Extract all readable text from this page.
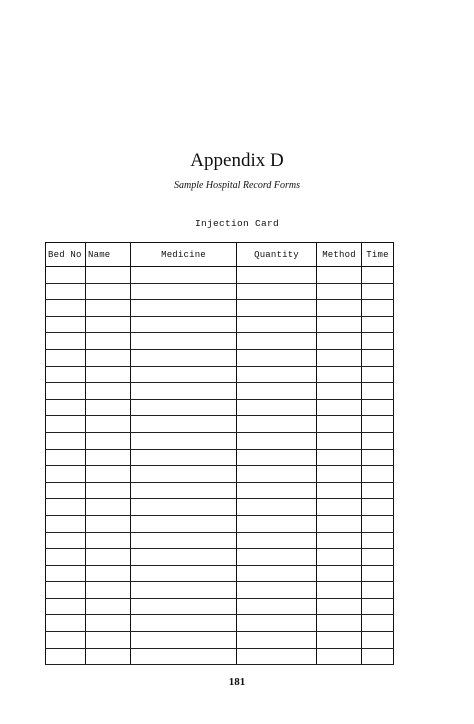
Appendix D
Sample Hospital Record Forms
Injection Card
Bed No	Name	Medicine	Quantity	Method	Time

181
